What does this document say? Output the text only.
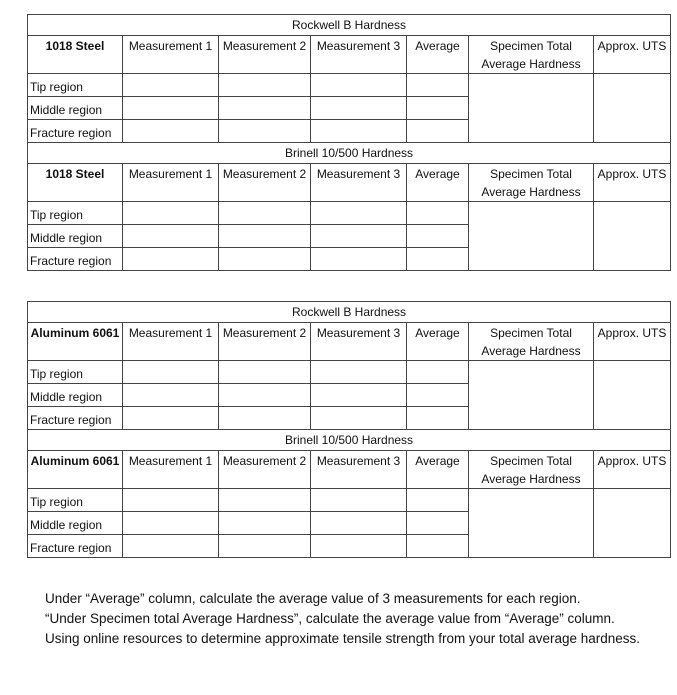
Rockwell B Hardness						
1018 Steel	Measurement 1	Measurement 2	Measurement 3	Average	Specimen Total Average Hardness	Approx. UTS
Tip region						
Middle region						
Fracture region						
Brinell 10/500 Hardness						
1018 Steel	Measurement 1	Measurement 2	Measurement 3	Average	Specimen Total Average Hardness	Approx. UTS
Tip region						
Middle region						
Fracture region						
Rockwell B Hardness						
Aluminum 6061	Measurement 1	Measurement 2	Measurement 3	Average	Specimen Total Average Hardness	Approx. UTS
Tip region						
Middle region						
Fracture region						
Brinell 10/500 Hardness						
Aluminum 6061	Measurement 1	Measurement 2	Measurement 3	Average	Specimen Total Average Hardness	Approx. UTS
Tip region						
Middle region						
Fracture region						

Under “Average” column, calculate the average value of 3 measurements for each region.

“Under Specimen total Average Hardness”, calculate the average value from “Average” column.

Using online resources to determine approximate tensile strength from your total average hardness.
